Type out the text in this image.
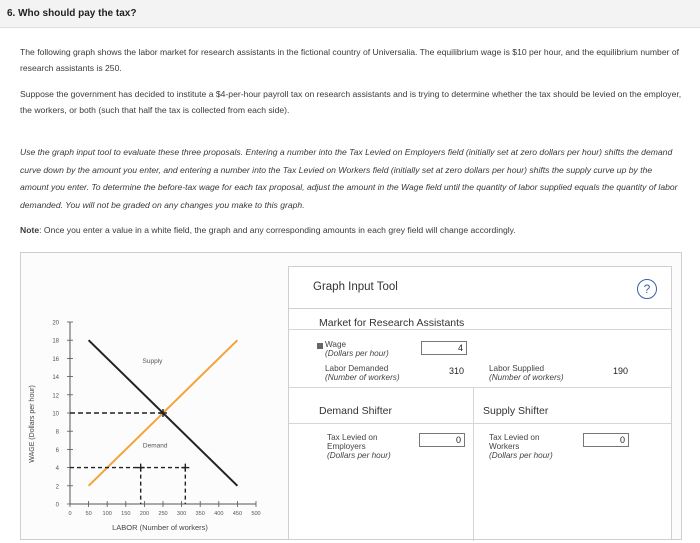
6. Who should pay the tax?
The following graph shows the labor market for research assistants in the fictional country of Universalia. The equilibrium wage is $10 per hour, and the equilibrium number of research assistants is 250.
Suppose the government has decided to institute a $4-per-hour payroll tax on research assistants and is trying to determine whether the tax should be levied on the employer, the workers, or both (such that half the tax is collected from each side).
Use the graph input tool to evaluate these three proposals. Entering a number into the Tax Levied on Employers field (initially set at zero dollars per hour) shifts the demand curve down by the amount you enter, and entering a number into the Tax Levied on Workers field (initially set at zero dollars per hour) shifts the supply curve up by the amount you enter. To determine the before-tax wage for each tax proposal, adjust the amount in the Wage field until the quantity of labor supplied equals the quantity of labor demanded. You will not be graded on any changes you make to this graph.
Note: Once you enter a value in a white field, the graph and any corresponding amounts in each grey field will change accordingly.
WAGE (Dollars per hour)
LABOR (Number of workers)
0
2
4
6
8
10
12
14
16
18
20
0 50 100 150 200 250 300 350 400 450 500
Supply
Demand
Graph Input Tool	?
Market for Research Assistants
Wage
(Dollars per hour)
4
Labor Demanded
(Number of workers)
310	Labor Supplied
(Number of workers)
190
Demand Shifter	Supply Shifter
Tax Levied on
Employers
(Dollars per hour)
0	Tax Levied on
Workers
(Dollars per hour)
0
